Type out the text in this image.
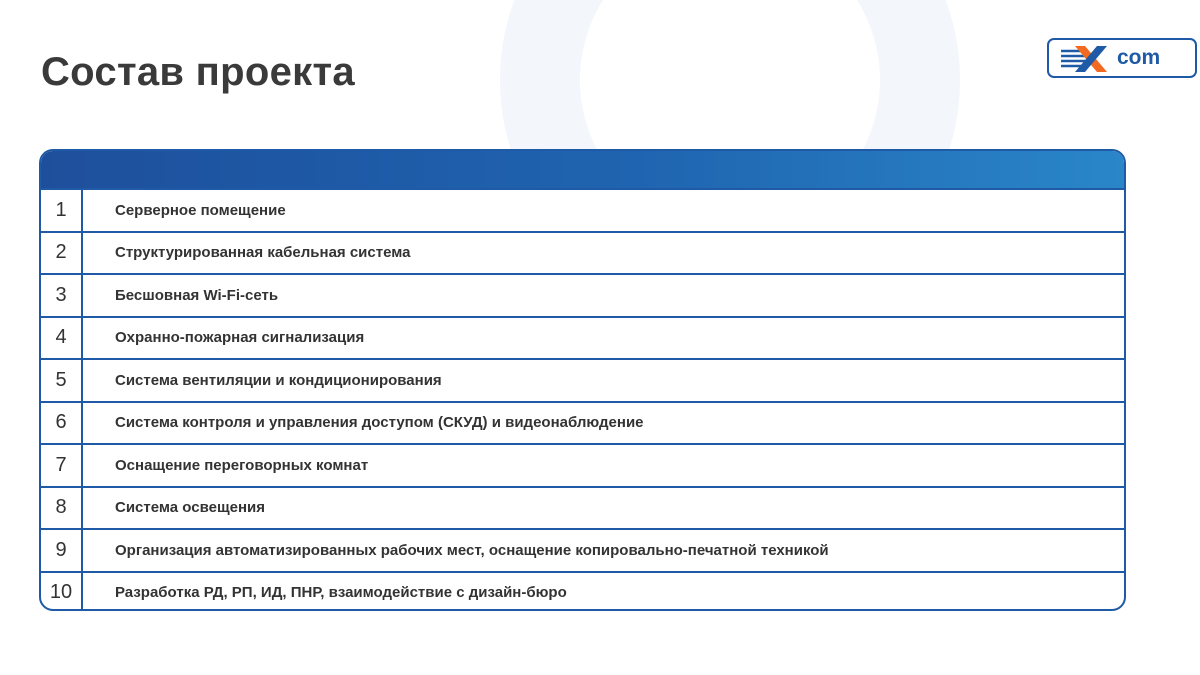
Состав проекта	com
1	Серверное помещение
2	Структурированная кабельная система
3	Бесшовная Wi-Fi-сеть
4	Охранно-пожарная сигнализация
5	Система вентиляции и кондиционирования
6	Система контроля и управления доступом (СКУД) и видеонаблюдение
7	Оснащение переговорных комнат
8	Система освещения
9	Организация автоматизированных рабочих мест, оснащение копировально-печатной техникой
10	Разработка РД, РП, ИД, ПНР, взаимодействие с дизайн-бюро
